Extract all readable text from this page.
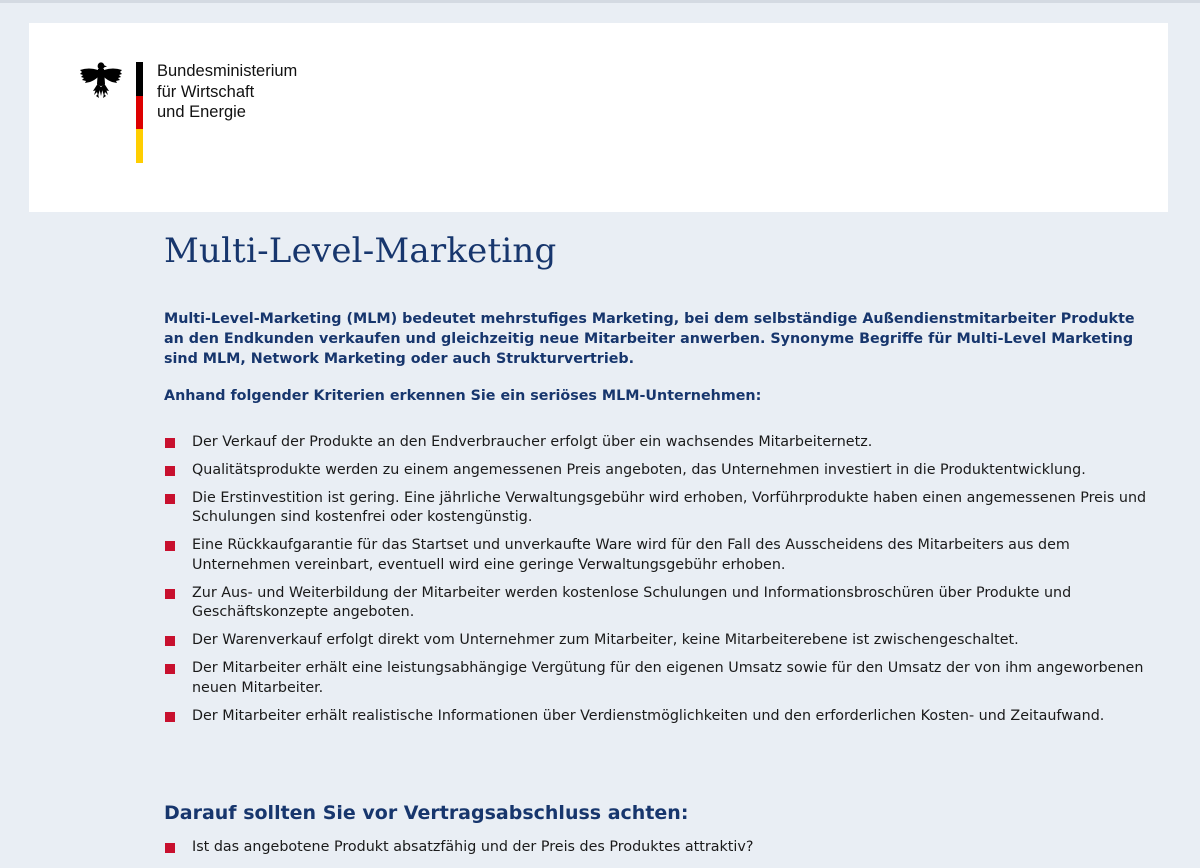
Bundesministerium
für Wirtschaft
und Energie
Multi-Level-Marketing

Multi-Level-Marketing (MLM) bedeutet mehrstufiges Marketing, bei dem selbständige Außendienstmitarbeiter Produkte an den Endkunden verkaufen und gleichzeitig neue Mitarbeiter anwerben. Synonyme Begriffe für Multi-Level Marketing sind MLM, Network Marketing oder auch Strukturvertrieb.

Anhand folgender Kriterien erkennen Sie ein seriöses MLM-Unternehmen:

Der Verkauf der Produkte an den Endverbraucher erfolgt über ein wachsendes Mitarbeiternetz.
Qualitätsprodukte werden zu einem angemessenen Preis angeboten, das Unternehmen investiert in die Produktentwicklung.
Die Erstinvestition ist gering. Eine jährliche Verwaltungsgebühr wird erhoben, Vorführprodukte haben einen angemessenen Preis und Schulungen sind kostenfrei oder kostengünstig.
Eine Rückkaufgarantie für das Startset und unverkaufte Ware wird für den Fall des Ausscheidens des Mitarbeiters aus dem Unternehmen vereinbart, eventuell wird eine geringe Verwaltungsgebühr erhoben.
Zur Aus- und Weiterbildung der Mitarbeiter werden kostenlose Schulungen und Informationsbroschüren über Produkte und Geschäftskonzepte angeboten.
Der Warenverkauf erfolgt direkt vom Unternehmer zum Mitarbeiter, keine Mitarbeiterebene ist zwischengeschaltet.
Der Mitarbeiter erhält eine leistungsabhängige Vergütung für den eigenen Umsatz sowie für den Umsatz der von ihm angeworbenen neuen Mitarbeiter.
Der Mitarbeiter erhält realistische Informationen über Verdienstmöglichkeiten und den erforderlichen Kosten- und Zeitaufwand.
Darauf sollten Sie vor Vertragsabschluss achten:
Ist das angebotene Produkt absatzfähig und der Preis des Produktes attraktiv?
